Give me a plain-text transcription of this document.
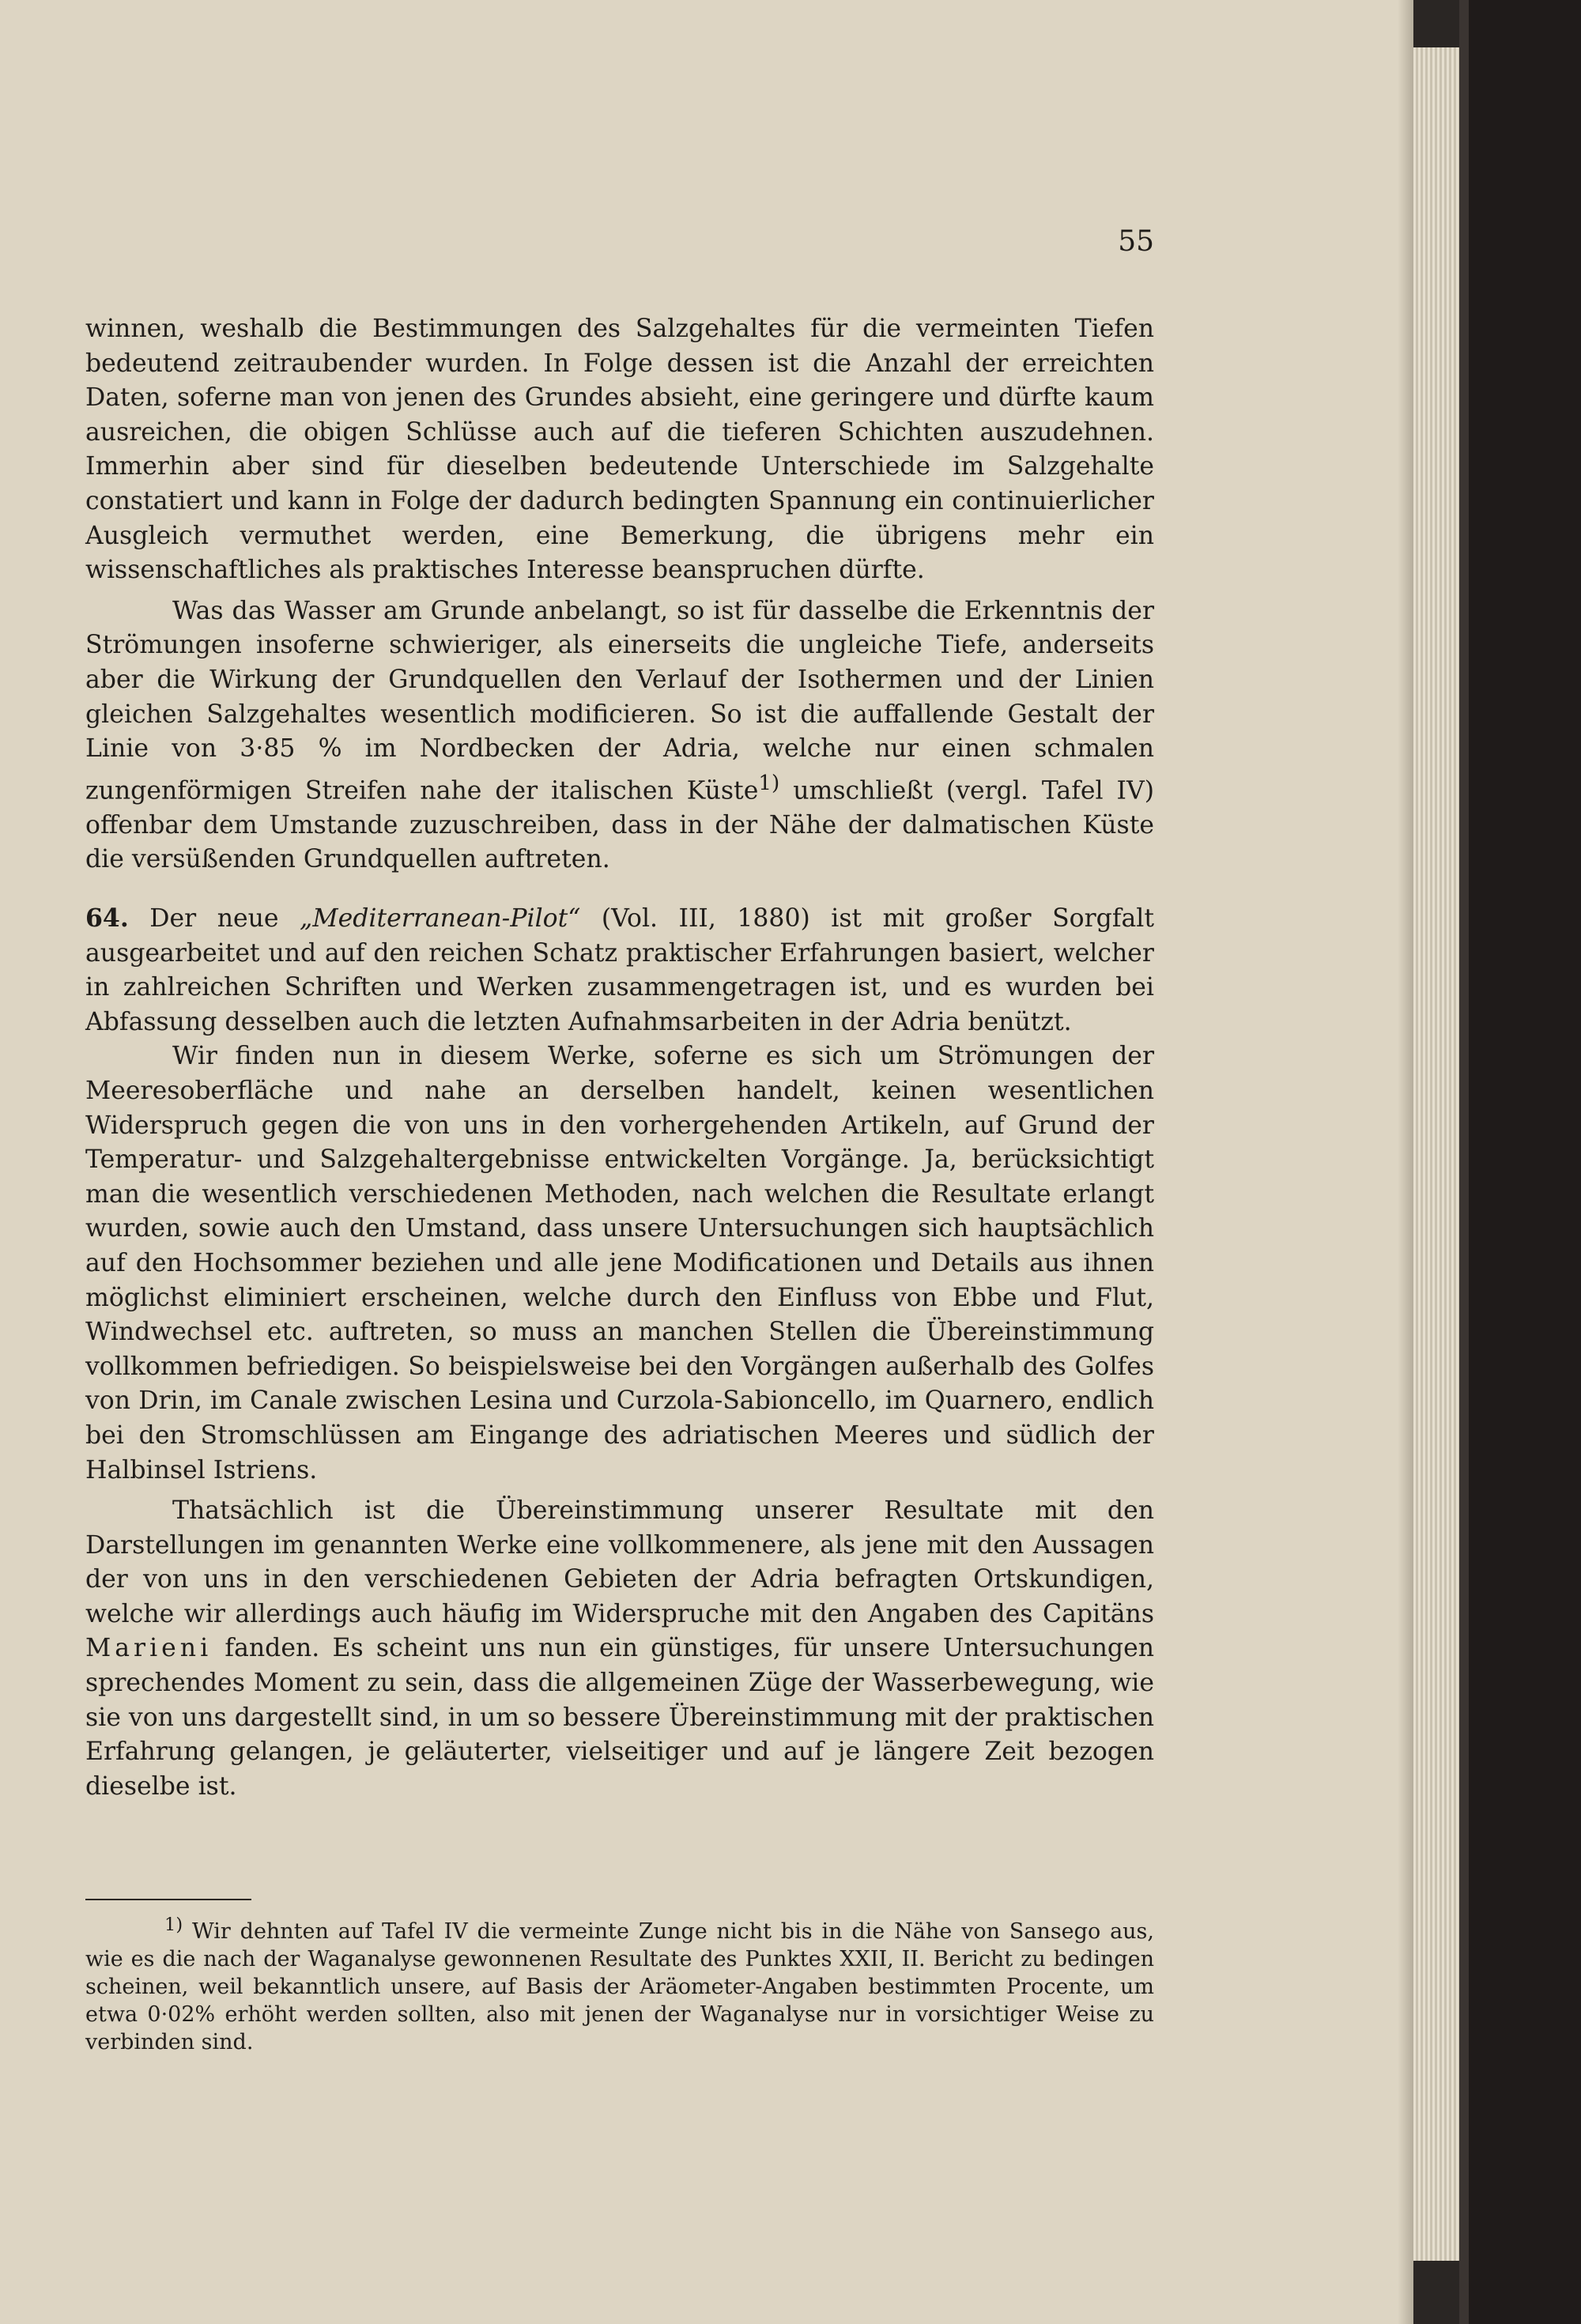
55

winnen, weshalb die Bestimmungen des Salzgehaltes für die vermeinten Tiefen bedeutend zeitraubender wurden. In Folge dessen ist die Anzahl der erreichten Daten, soferne man von jenen des Grundes absieht, eine geringere und dürfte kaum ausreichen, die obigen Schlüsse auch auf die tieferen Schichten auszudehnen. Immerhin aber sind für dieselben bedeutende Unterschiede im Salzgehalte constatiert und kann in Folge der dadurch bedingten Spannung ein continuierlicher Ausgleich vermuthet werden, eine Bemerkung, die übrigens mehr ein wissenschaftliches als praktisches Interesse beanspruchen dürfte.

Was das Wasser am Grunde anbelangt, so ist für dasselbe die Erkenntnis der Strömungen insoferne schwieriger, als einerseits die ungleiche Tiefe, anderseits aber die Wirkung der Grundquellen den Verlauf der Isothermen und der Linien gleichen Salzgehaltes wesentlich modificieren. So ist die auffallende Gestalt der Linie von 3·85 % im Nordbecken der Adria, welche nur einen schmalen zungenförmigen Streifen nahe der italischen Küste$^{1)}$ umschließt (vergl. Tafel IV) offenbar dem Umstande zuzuschreiben, dass in der Nähe der dalmatischen Küste die versüßenden Grundquellen auftreten.

64. Der neue „Mediterranean-Pilot“ (Vol. III, 1880) ist mit großer Sorgfalt ausgearbeitet und auf den reichen Schatz praktischer Erfahrungen basiert, welcher in zahlreichen Schriften und Werken zusammengetragen ist, und es wurden bei Abfassung desselben auch die letzten Aufnahmsarbeiten in der Adria benützt.

Wir finden nun in diesem Werke, soferne es sich um Strömungen der Meeresoberfläche und nahe an derselben handelt, keinen wesentlichen Widerspruch gegen die von uns in den vorhergehenden Artikeln, auf Grund der Temperatur- und Salzgehaltergebnisse entwickelten Vorgänge. Ja, berücksichtigt man die wesentlich verschiedenen Methoden, nach welchen die Resultate erlangt wurden, sowie auch den Umstand, dass unsere Untersuchungen sich hauptsächlich auf den Hochsommer beziehen und alle jene Modificationen und Details aus ihnen möglichst eliminiert erscheinen, welche durch den Einfluss von Ebbe und Flut, Windwechsel etc. auftreten, so muss an manchen Stellen die Übereinstimmung vollkommen befriedigen. So beispielsweise bei den Vorgängen außerhalb des Golfes von Drin, im Canale zwischen Lesina und Curzola-Sabioncello, im Quarnero, endlich bei den Stromschlüssen am Eingange des adriatischen Meeres und südlich der Halbinsel Istriens.

Thatsächlich ist die Übereinstimmung unserer Resultate mit den Darstellungen im genannten Werke eine vollkommenere, als jene mit den Aussagen der von uns in den verschiedenen Gebieten der Adria befragten Ortskundigen, welche wir allerdings auch häufig im Widerspruche mit den Angaben des Capitäns Marieni fanden. Es scheint uns nun ein günstiges, für unsere Untersuchungen sprechendes Moment zu sein, dass die allgemeinen Züge der Wasserbewegung, wie sie von uns dargestellt sind, in um so bessere Übereinstimmung mit der praktischen Erfahrung gelangen, je geläuterter, vielseitiger und auf je längere Zeit bezogen dieselbe ist.

$^{1)}$ Wir dehnten auf Tafel IV die vermeinte Zunge nicht bis in die Nähe von Sansego aus, wie es die nach der Waganalyse gewonnenen Resultate des Punktes XXII, II. Bericht zu bedingen scheinen, weil bekanntlich unsere, auf Basis der Aräometer-Angaben bestimmten Procente, um etwa 0·02% erhöht werden sollten, also mit jenen der Waganalyse nur in vorsichtiger Weise zu verbinden sind.
